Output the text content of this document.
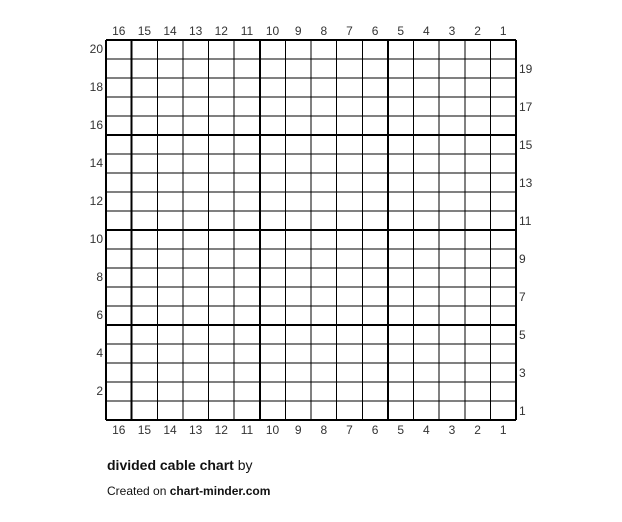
16 15 14 13 12 11 10 9 8 7 6 5 4 3 2 1
16 15 14 13 12 11 10 9 8 7 6 5 4 3 2 1
20
18
16
14
12
10
8
6
4
2
19
17
15
13
11
9
7
5
3
1
divided cable chart by
Created on chart-minder.com
